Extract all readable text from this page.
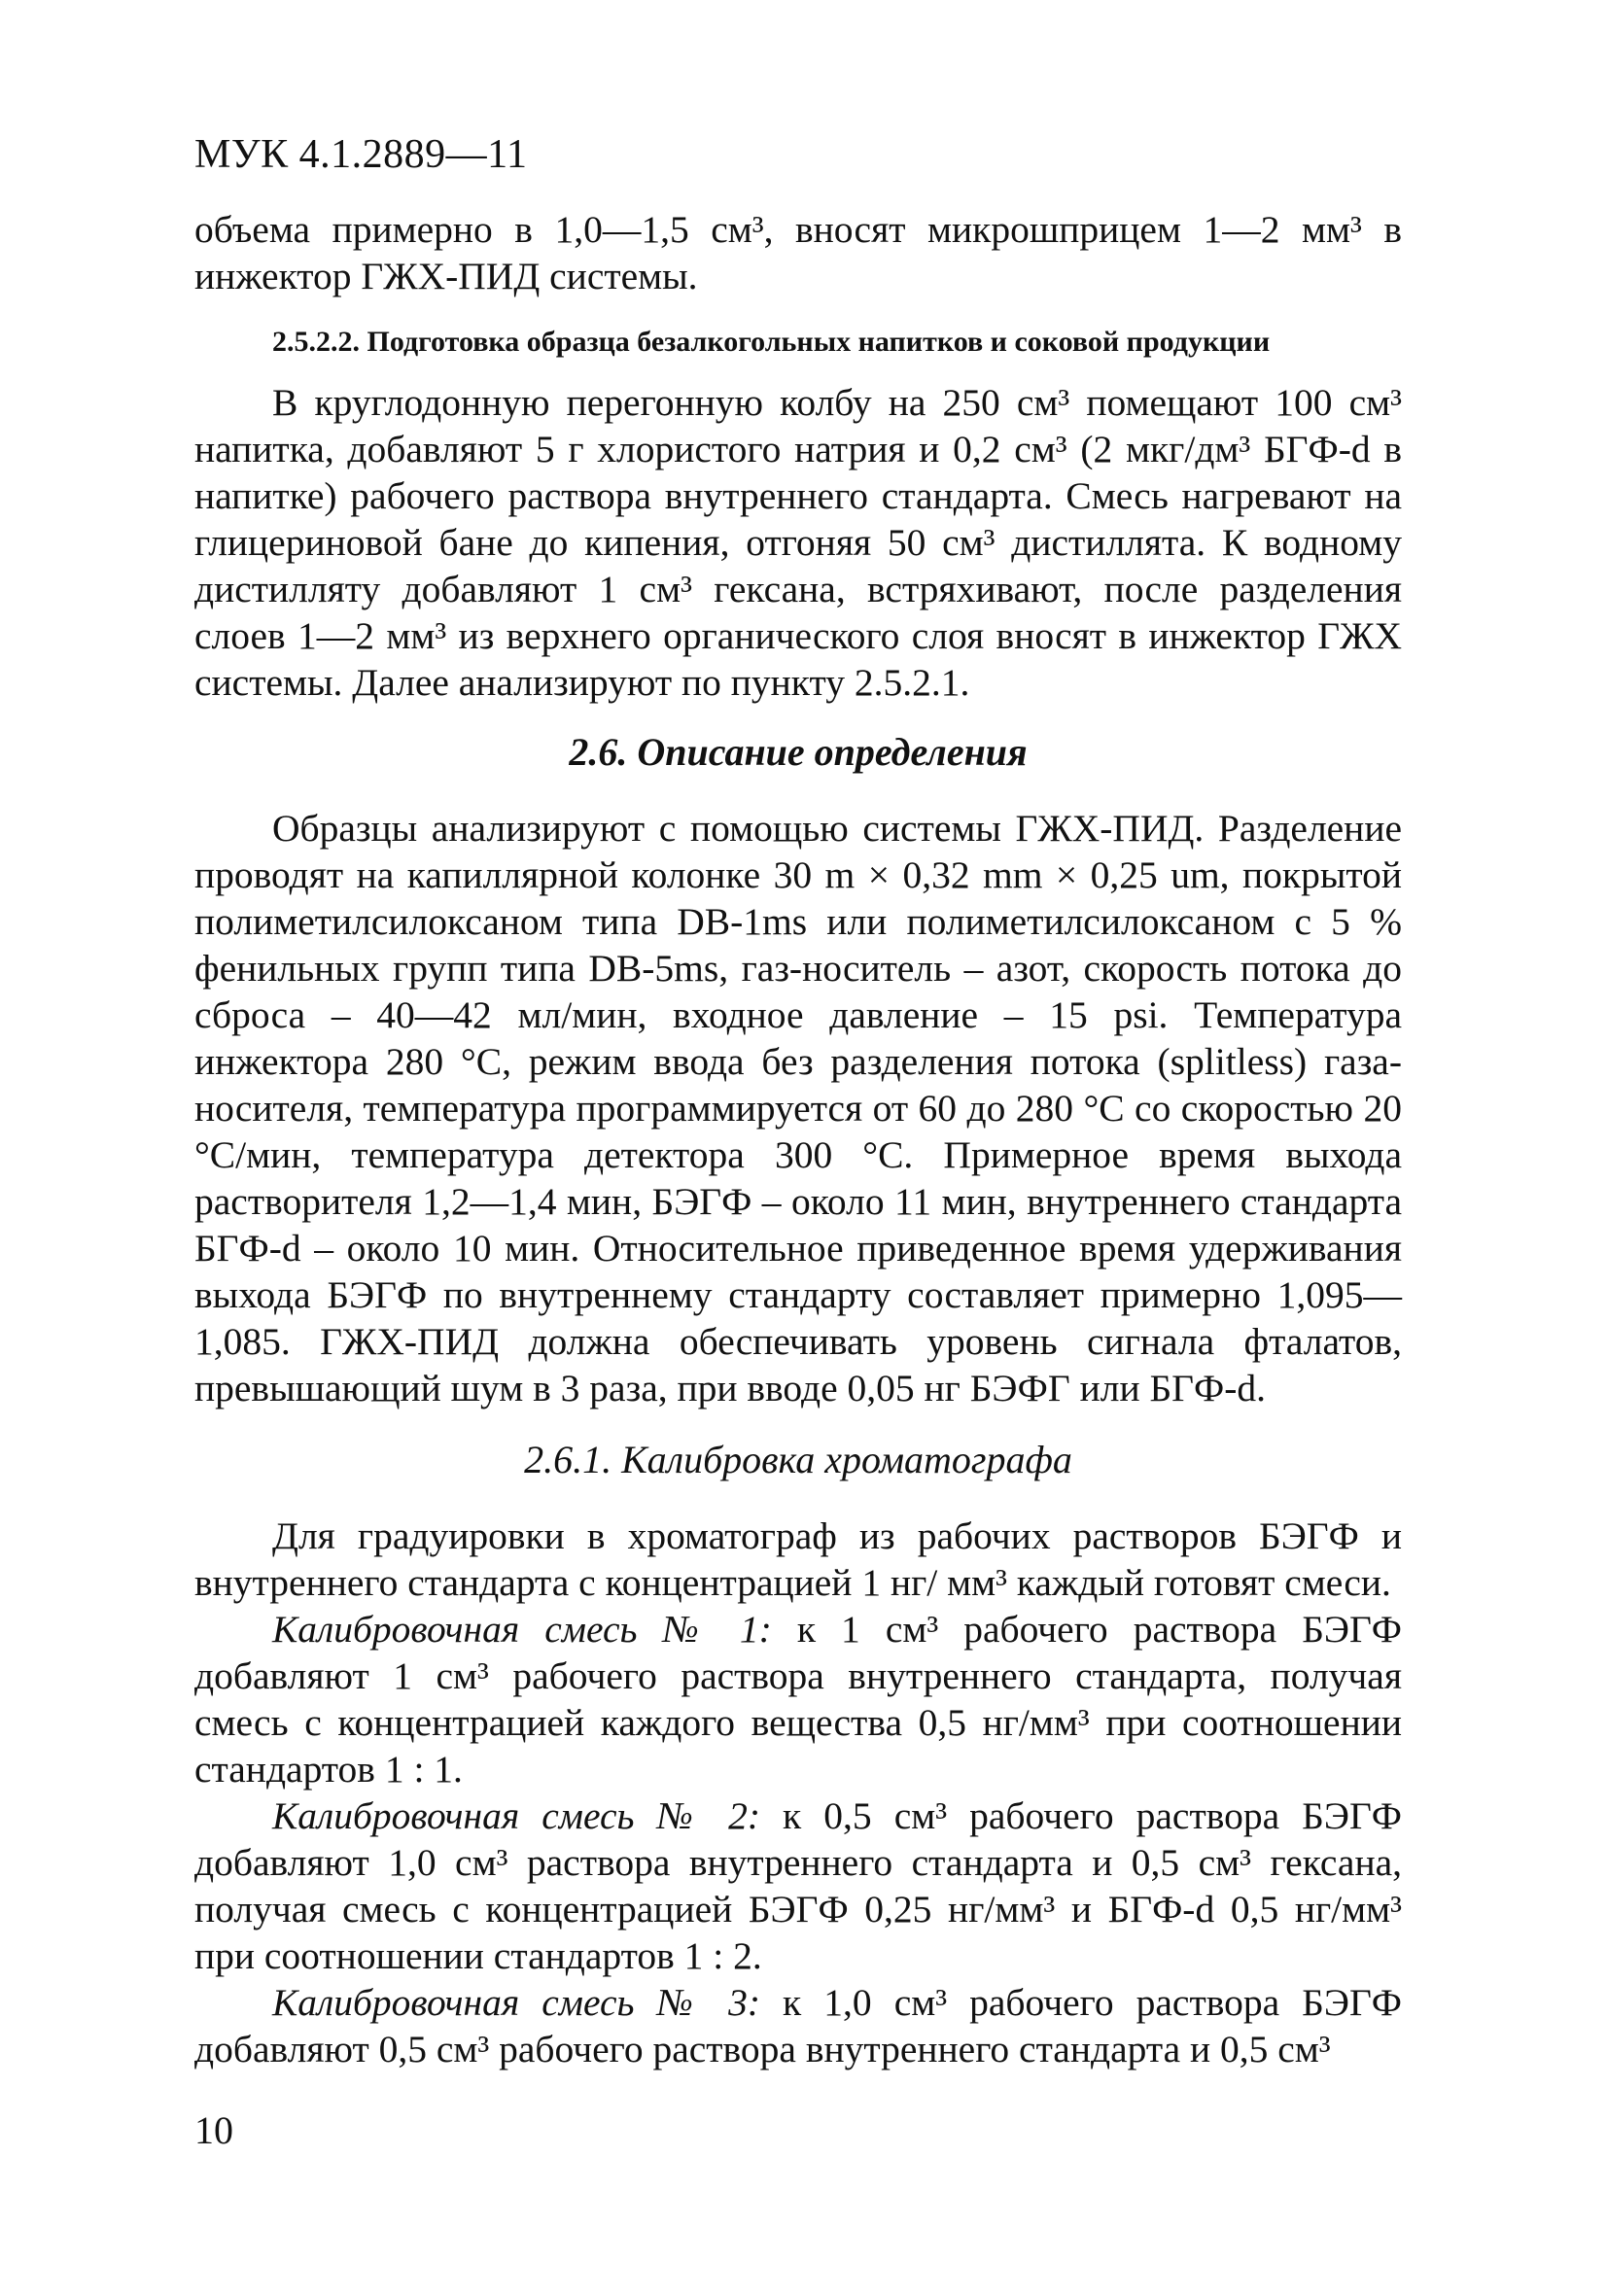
МУК 4.1.2889—11

объема примерно в 1,0—1,5 см³, вносят микрошприцем 1—2 мм³ в инжектор ГЖХ-ПИД системы.

2.5.2.2. Подготовка образца безалкогольных напитков и соковой продукции

В круглодонную перегонную колбу на 250 см³ помещают 100 см³ напитка, добавляют 5 г хлористого натрия и 0,2 см³ (2 мкг/дм³ БГФ-d в напитке) рабочего раствора внутреннего стандарта. Смесь нагревают на глицериновой бане до кипения, отгоняя 50 см³ дистиллята. К водному дистилляту добавляют 1 см³ гексана, встряхивают, после разделения слоев 1—2 мм³ из верхнего органического слоя вносят в инжектор ГЖХ системы. Далее анализируют по пункту 2.5.2.1.

2.6. Описание определения

Образцы анализируют с помощью системы ГЖХ-ПИД. Разделение проводят на капиллярной колонке 30 m × 0,32 mm × 0,25 um, покрытой полиметилсилоксаном типа DB-1ms или полиметилсилоксаном с 5 % фенильных групп типа DB-5ms, газ-носитель – азот, скорость потока до сброса – 40—42 мл/мин, входное давление – 15 psi. Температура инжектора 280 °C, режим ввода без разделения потока (splitless) газа-носителя, температура программируется от 60 до 280 °C со скоростью 20 °C/мин, температура детектора 300 °C. Примерное время выхода растворителя 1,2—1,4 мин, БЭГФ – около 11 мин, внутреннего стандарта БГФ-d – около 10 мин. Относительное приведенное время удерживания выхода БЭГФ по внутреннему стандарту составляет примерно 1,095—1,085. ГЖХ-ПИД должна обеспечивать уровень сигнала фталатов, превышающий шум в 3 раза, при вводе 0,05 нг БЭФГ или БГФ-d.

2.6.1. Калибровка хроматографа

Для градуировки в хроматограф из рабочих растворов БЭГФ и внутреннего стандарта с концентрацией 1 нг/ мм³ каждый готовят смеси.

Калибровочная смесь № 1: к 1 см³ рабочего раствора БЭГФ добавляют 1 см³ рабочего раствора внутреннего стандарта, получая смесь с концентрацией каждого вещества 0,5 нг/мм³ при соотношении стандартов 1 : 1.

Калибровочная смесь № 2: к 0,5 см³ рабочего раствора БЭГФ добавляют 1,0 см³ раствора внутреннего стандарта и 0,5 см³ гексана, получая смесь с концентрацией БЭГФ 0,25 нг/мм³ и БГФ-d 0,5 нг/мм³ при соотношении стандартов 1 : 2.

Калибровочная смесь № 3: к 1,0 см³ рабочего раствора БЭГФ добавляют 0,5 см³ рабочего раствора внутреннего стандарта и 0,5 см³

10
